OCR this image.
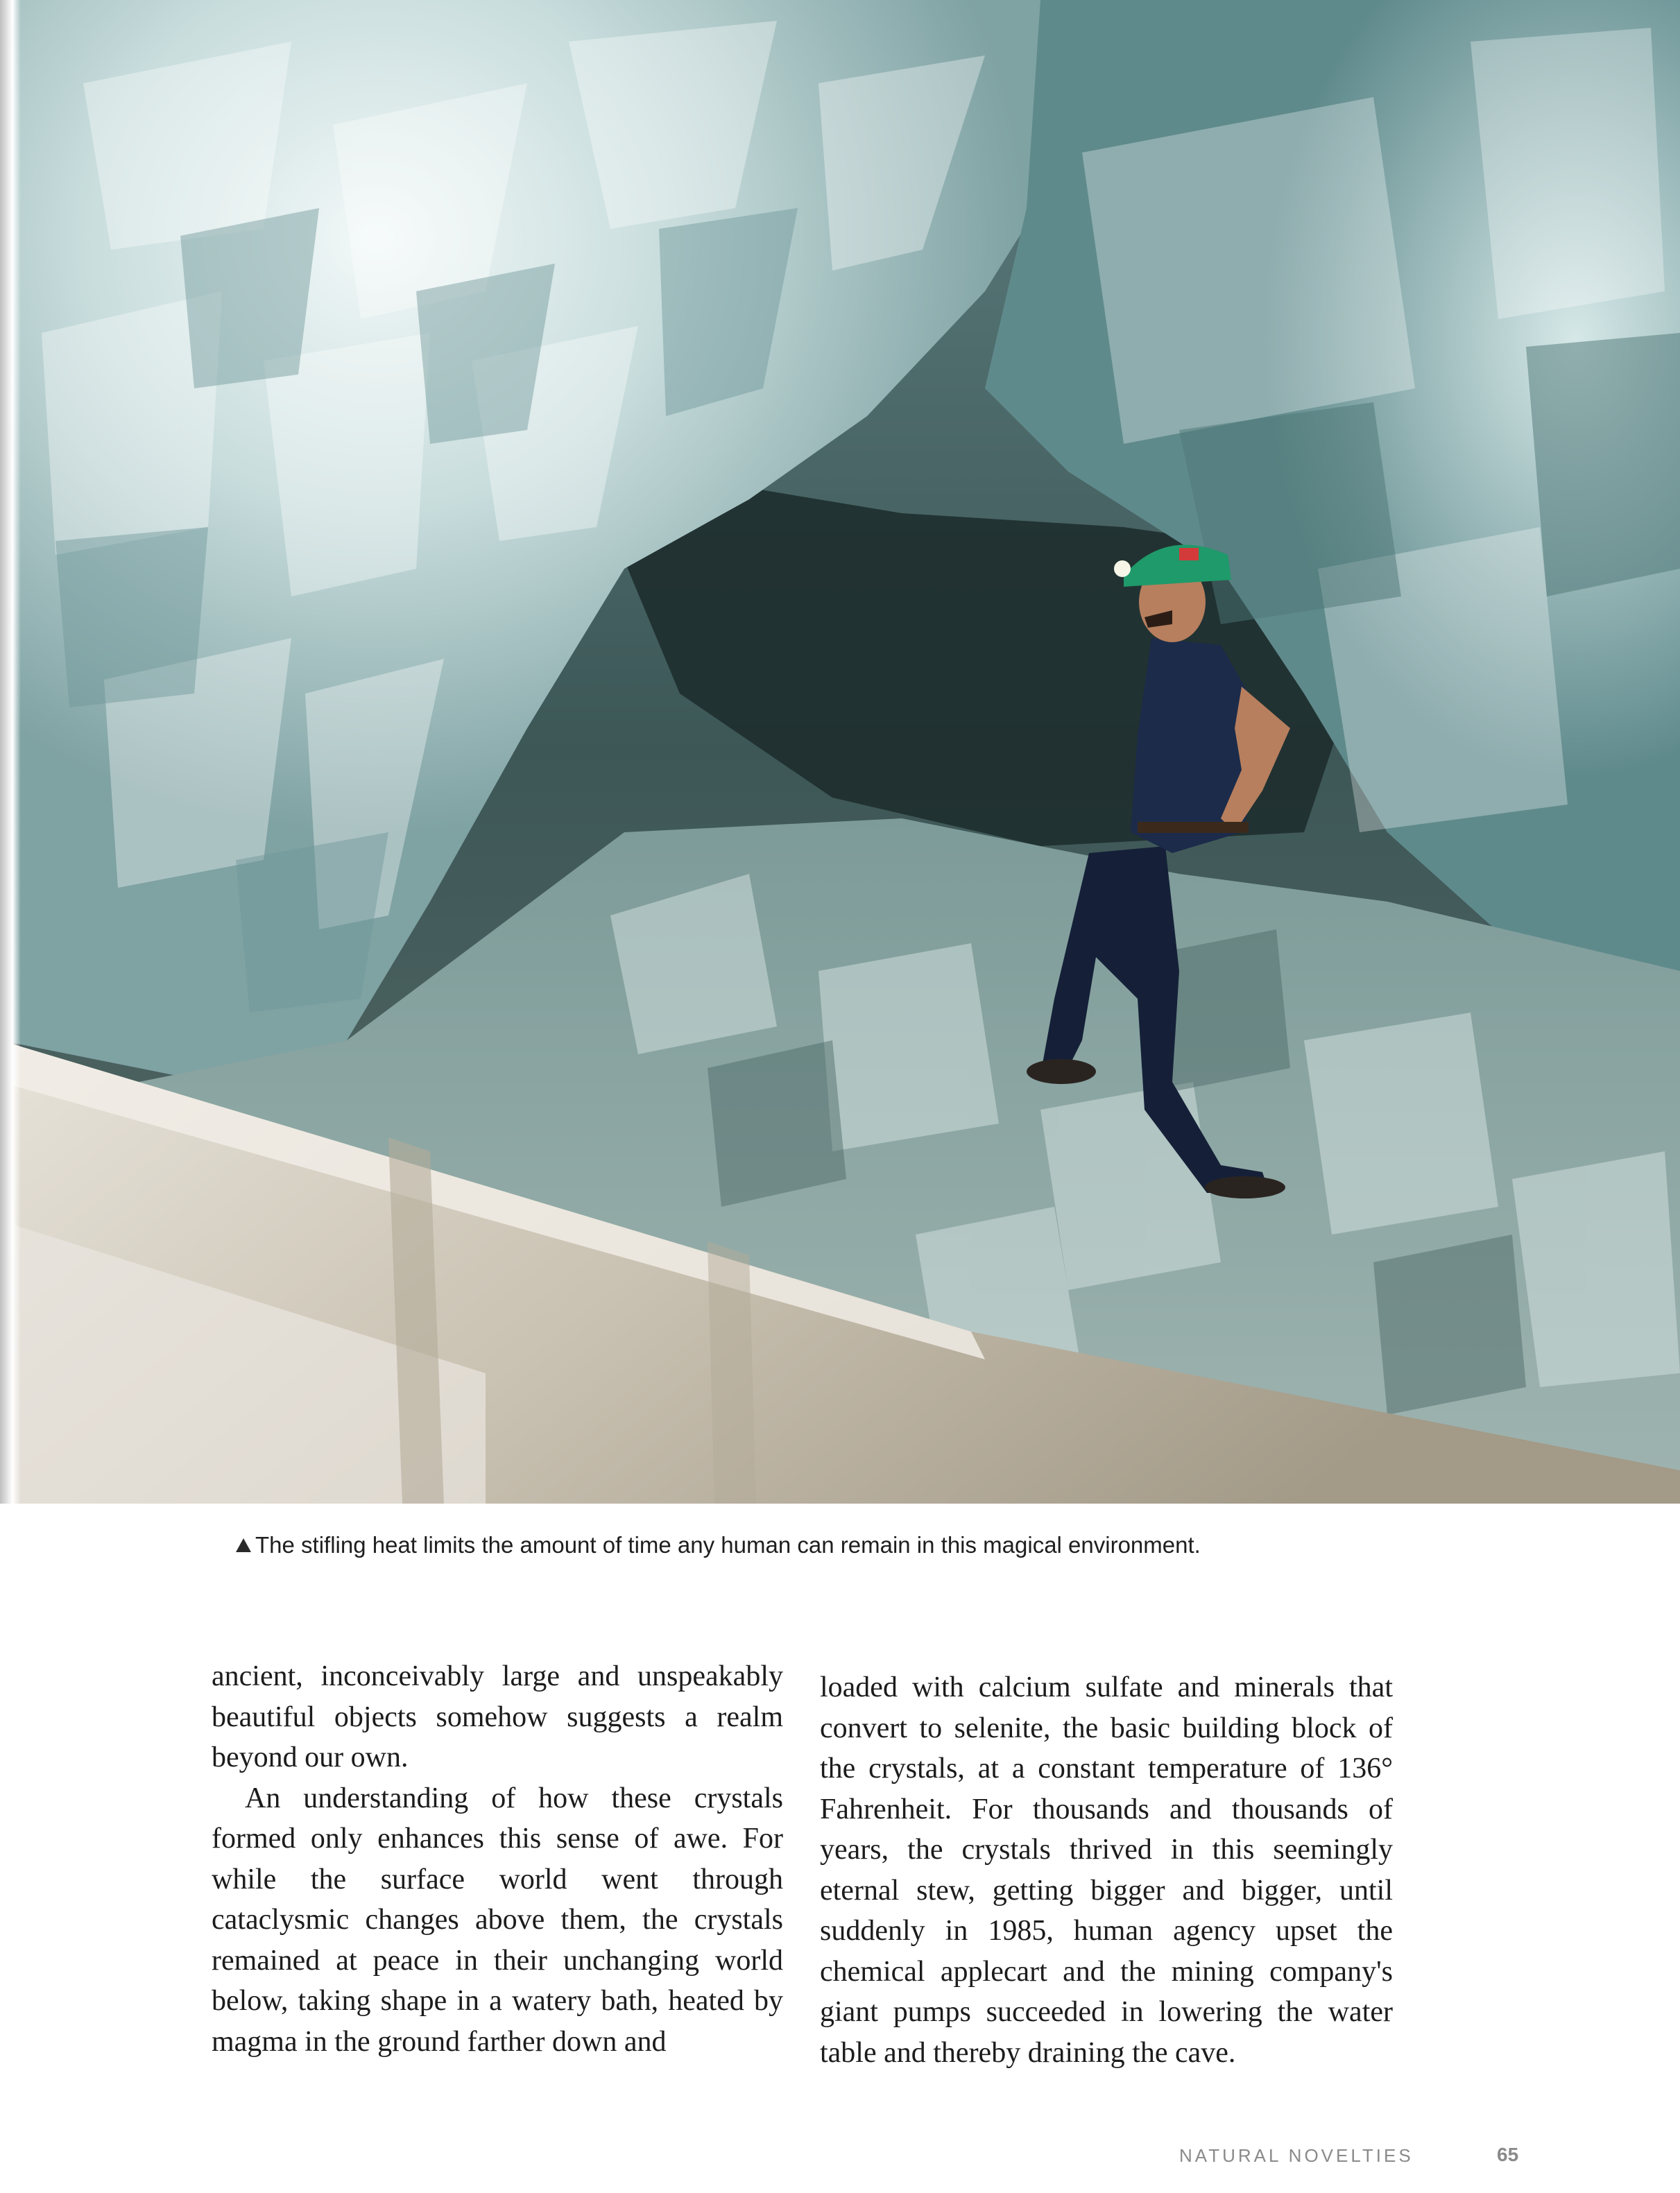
The stifling heat limits the amount of time any human can remain in this magical environment.

ancient, inconceivably large and unspeakably beautiful objects somehow suggests a realm beyond our own.

An understanding of how these crystals formed only enhances this sense of awe. For while the surface world went through cataclysmic changes above them, the crystals remained at peace in their unchanging world below, taking shape in a watery bath, heated by magma in the ground farther down and

loaded with calcium sulfate and minerals that convert to selenite, the basic building block of the crystals, at a constant temperature of 136° Fahrenheit. For thousands and thousands of years, the crystals thrived in this seemingly eternal stew, getting bigger and bigger, until suddenly in 1985, human agency upset the chemical applecart and the mining company's giant pumps succeeded in lowering the water table and thereby draining the cave.

NATURAL NOVELTIES	65
